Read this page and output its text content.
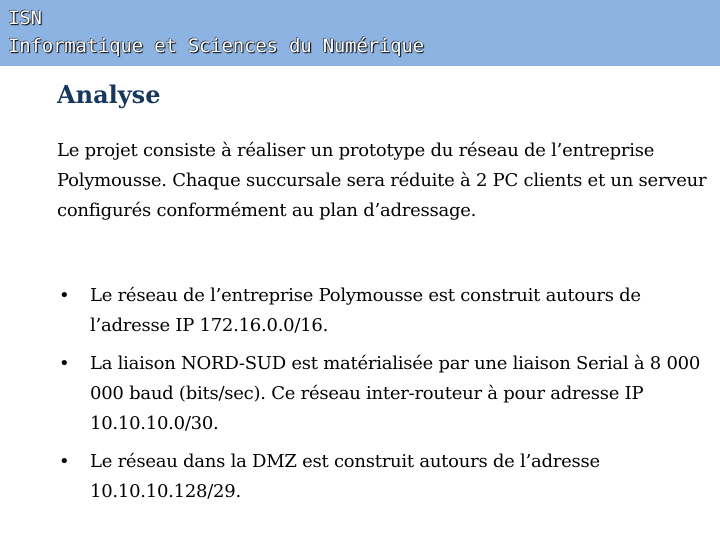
ISN
Informatique et Sciences du Numérique
Analyse

Le projet consiste à réaliser un prototype du réseau de l’entreprise Polymousse. Chaque succursale sera réduite à 2 PC clients et un serveur configurés conformément au plan d’adressage.

• Le réseau de l’entreprise Polymousse est construit autours de l’adresse IP 172.16.0.0/16.
• La liaison NORD-SUD est matérialisée par une liaison Serial à 8 000 000 baud (bits/sec). Ce réseau inter-routeur à pour adresse IP 10.10.10.0/30.
• Le réseau dans la DMZ est construit autours de l’adresse 10.10.10.128/29.
